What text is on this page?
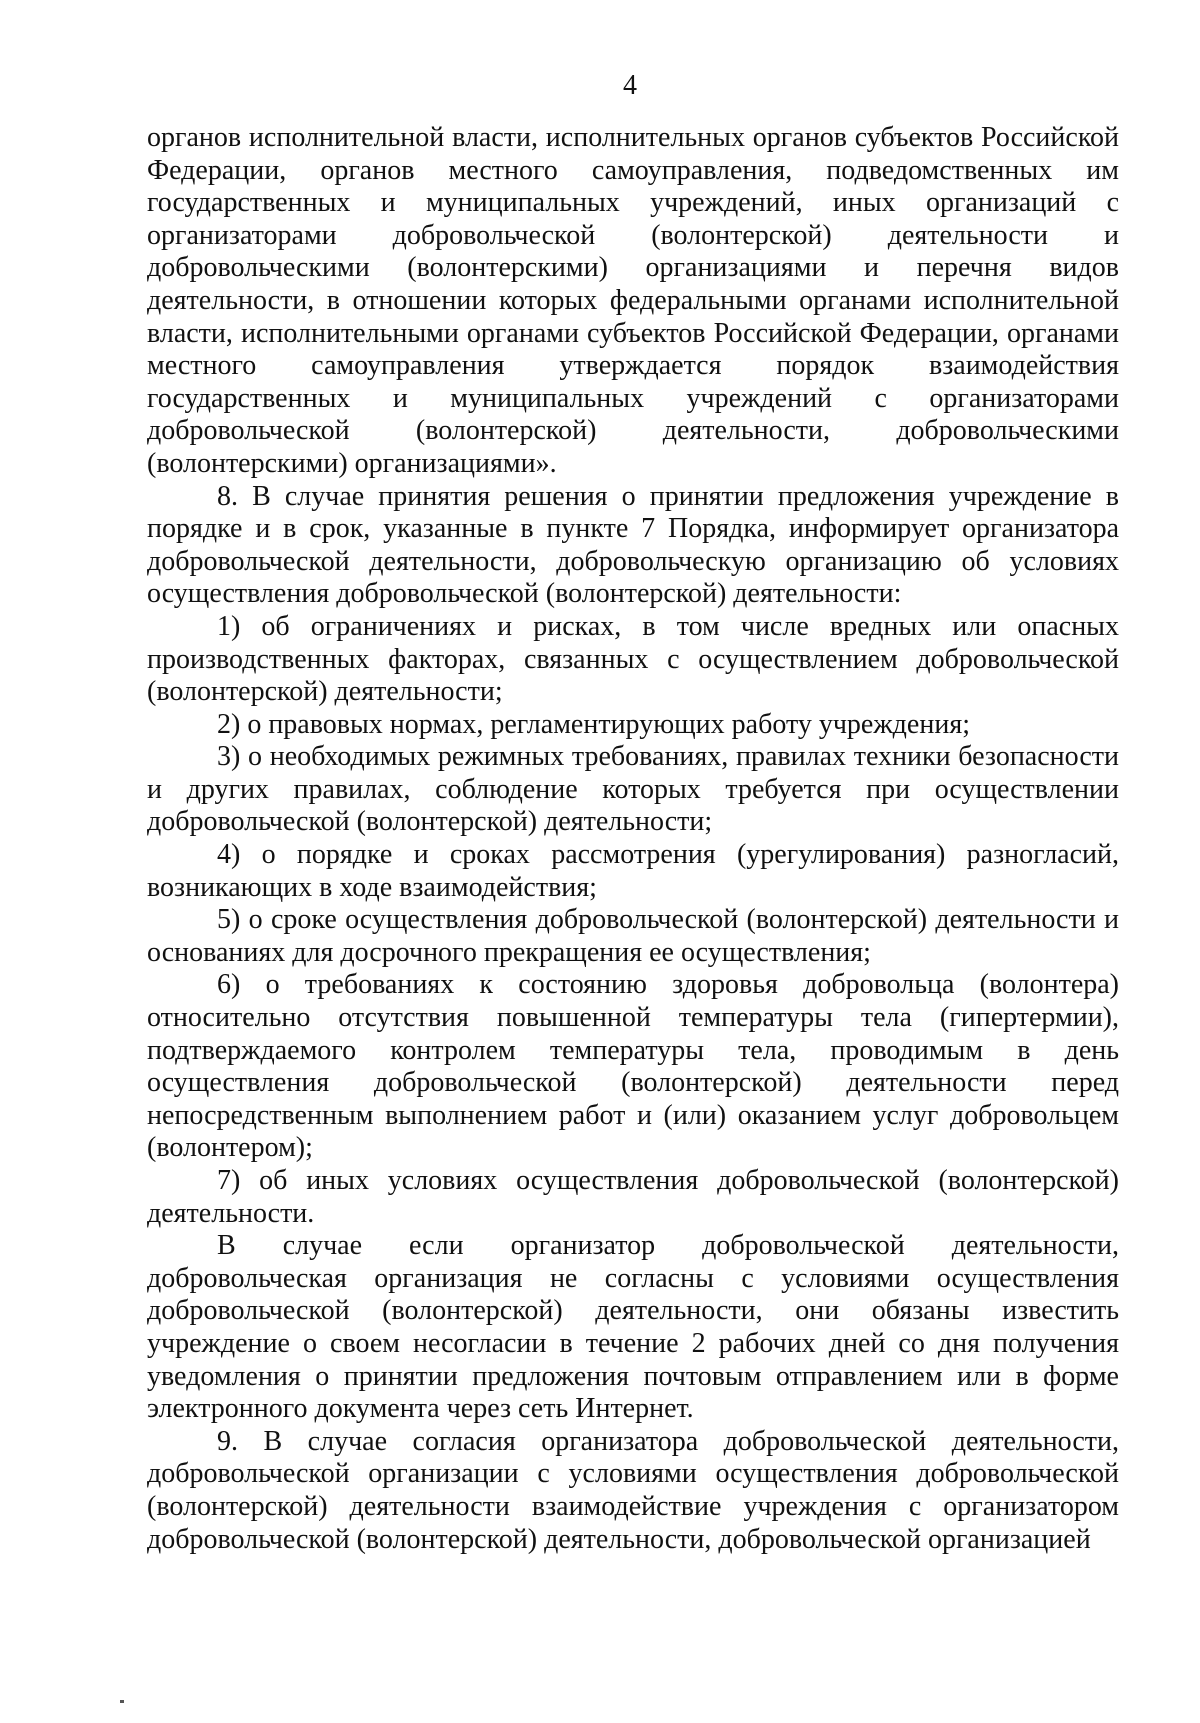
4

органов исполнительной власти, исполнительных органов субъектов Российской Федерации, органов местного самоуправления, подведомственных им государственных и муниципальных учреждений, иных организаций с организаторами добровольческой (волонтерской) деятельности и добровольческими (волонтерскими) организациями и перечня видов деятельности, в отношении которых федеральными органами исполнительной власти, исполнительными органами субъектов Российской Федерации, органами местного самоуправления утверждается порядок взаимодействия государственных и муниципальных учреждений с организаторами добровольческой (волонтерской) деятельности, добровольческими (волонтерскими) организациями».

8. В случае принятия решения о принятии предложения учреждение в порядке и в срок, указанные в пункте 7 Порядка, информирует организатора добровольческой деятельности, добровольческую организацию об условиях осуществления добровольческой (волонтерской) деятельности:

1) об ограничениях и рисках, в том числе вредных или опасных производственных факторах, связанных с осуществлением добровольческой (волонтерской) деятельности;

2) о правовых нормах, регламентирующих работу учреждения;

3) о необходимых режимных требованиях, правилах техники безопасности и других правилах, соблюдение которых требуется при осуществлении добровольческой (волонтерской) деятельности;

4) о порядке и сроках рассмотрения (урегулирования) разногласий, возникающих в ходе взаимодействия;

5) о сроке осуществления добровольческой (волонтерской) деятельности и основаниях для досрочного прекращения ее осуществления;

6) о требованиях к состоянию здоровья добровольца (волонтера) относительно отсутствия повышенной температуры тела (гипертермии), подтверждаемого контролем температуры тела, проводимым в день осуществления добровольческой (волонтерской) деятельности перед непосредственным выполнением работ и (или) оказанием услуг добровольцем (волонтером);

7) об иных условиях осуществления добровольческой (волонтерской) деятельности.

В случае если организатор добровольческой деятельности, добровольческая организация не согласны с условиями осуществления добровольческой (волонтерской) деятельности, они обязаны известить учреждение о своем несогласии в течение 2 рабочих дней со дня получения уведомления о принятии предложения почтовым отправлением или в форме электронного документа через сеть Интернет.

9. В случае согласия организатора добровольческой деятельности, добровольческой организации с условиями осуществления добровольческой (волонтерской) деятельности взаимодействие учреждения с организатором добровольческой (волонтерской) деятельности, добровольческой организацией
